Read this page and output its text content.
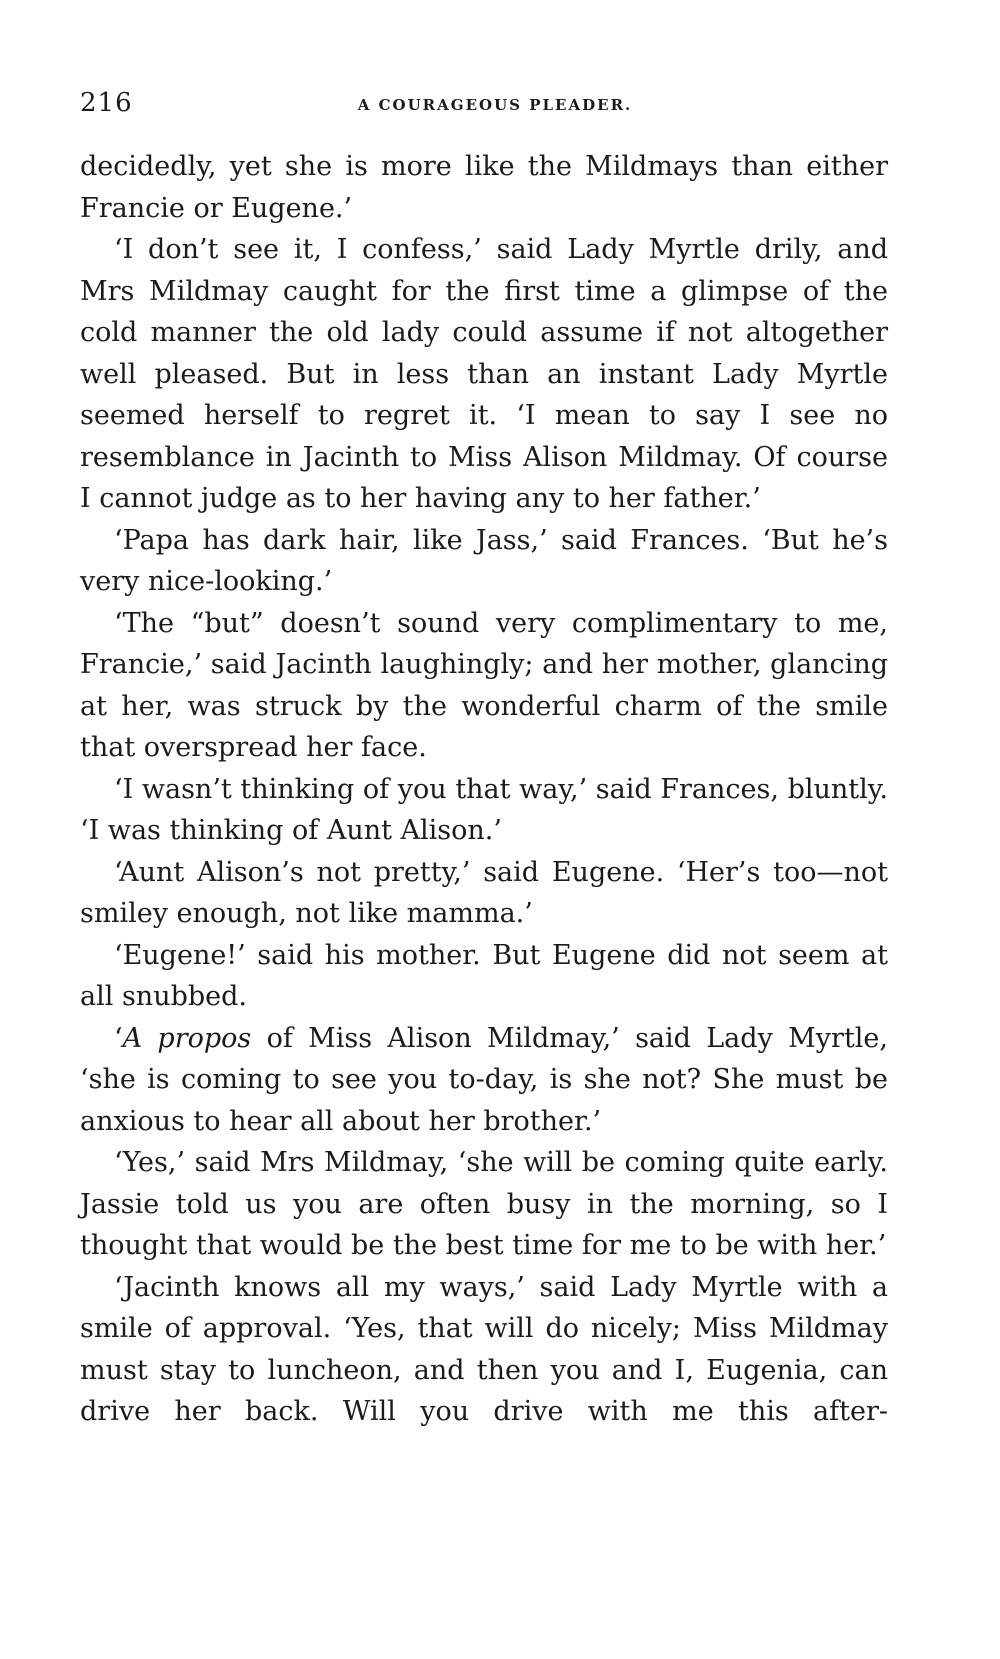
216	A COURAGEOUS PLEADER.

decidedly, yet she is more like the Mildmays than either Francie or Eugene.’

‘I don’t see it, I confess,’ said Lady Myrtle drily, and Mrs Mildmay caught for the first time a glimpse of the cold manner the old lady could assume if not altogether well pleased. But in less than an instant Lady Myrtle seemed herself to regret it. ‘I mean to say I see no resemblance in Jacinth to Miss Alison Mildmay. Of course I cannot judge as to her having any to her father.’

‘Papa has dark hair, like Jass,’ said Frances. ‘But he’s very nice-looking.’

‘The “but” doesn’t sound very complimentary to me, Francie,’ said Jacinth laughingly; and her mother, glancing at her, was struck by the wonderful charm of the smile that overspread her face.

‘I wasn’t thinking of you that way,’ said Frances, bluntly. ‘I was thinking of Aunt Alison.’

‘Aunt Alison’s not pretty,’ said Eugene. ‘Her’s too—not smiley enough, not like mamma.’

‘Eugene!’ said his mother. But Eugene did not seem at all snubbed.

‘A propos of Miss Alison Mildmay,’ said Lady Myrtle, ‘she is coming to see you to-day, is she not? She must be anxious to hear all about her brother.’

‘Yes,’ said Mrs Mildmay, ‘she will be coming quite early. Jassie told us you are often busy in the morning, so I thought that would be the best time for me to be with her.’

‘Jacinth knows all my ways,’ said Lady Myrtle with a smile of approval. ‘Yes, that will do nicely; Miss Mildmay must stay to luncheon, and then you and I, Eugenia, can drive her back. Will you drive with me this after-
